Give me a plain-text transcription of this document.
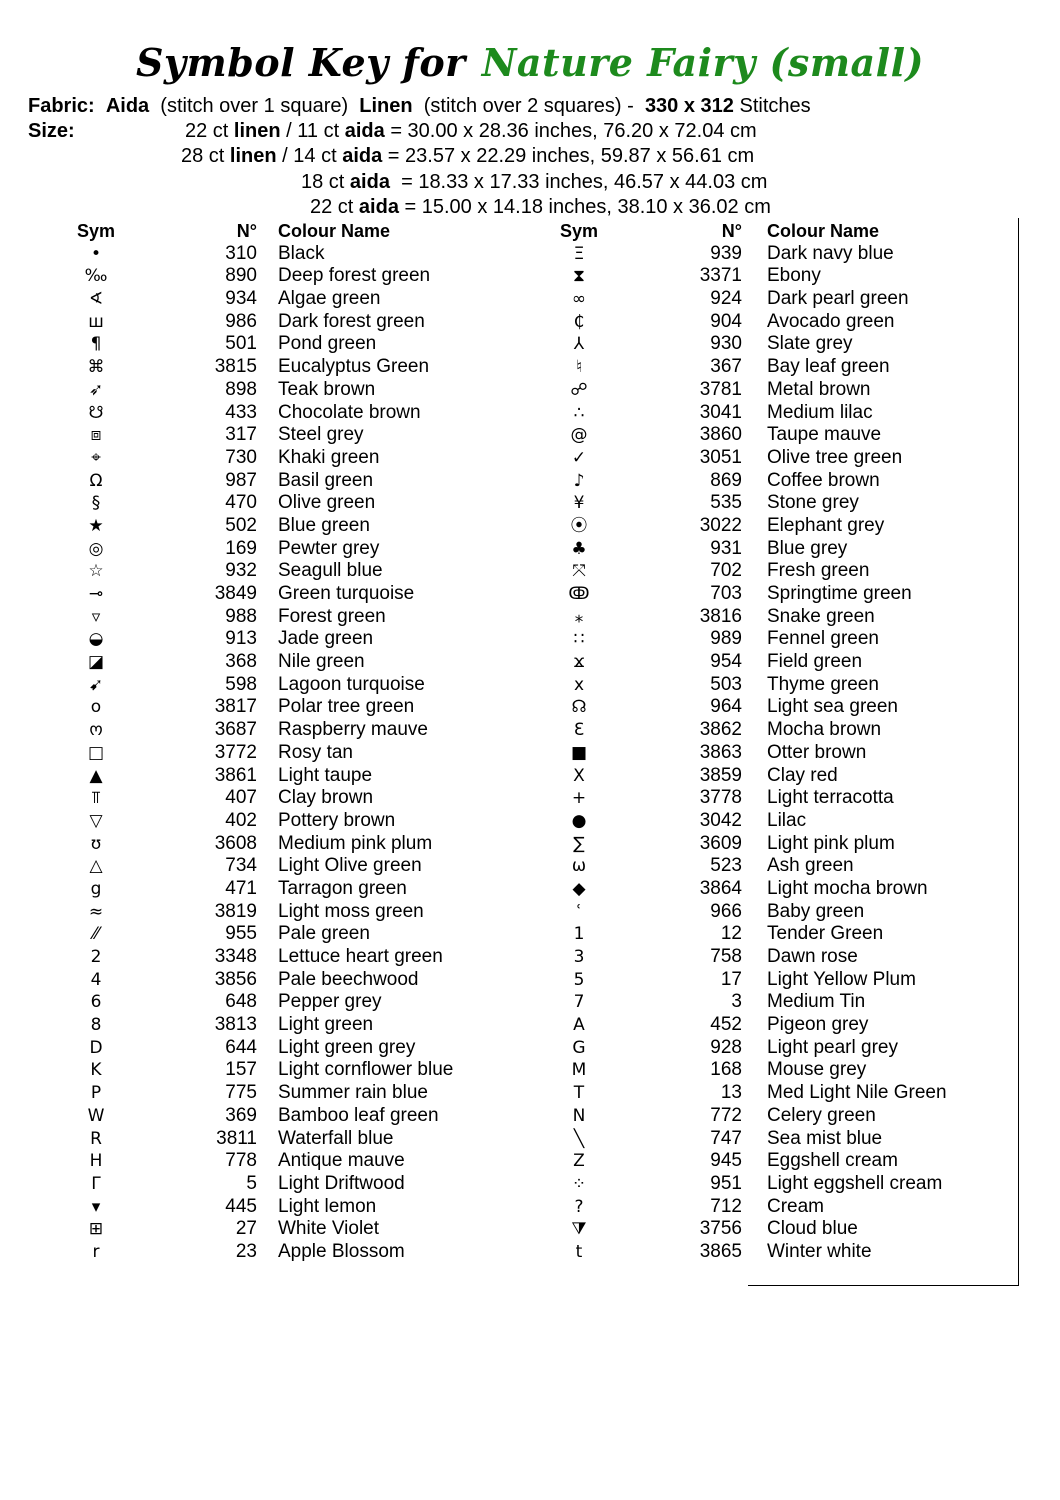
Symbol Key for Nature Fairy (small)
Fabric: Aida (stitch over 1 square) Linen (stitch over 2 squares) - 330 x 312 Stitches
Size:	22 ct linen / 11 ct aida = 30.00 x 28.36 inches, 76.20 x 72.04 cm
28 ct linen / 14 ct aida = 23.57 x 22.29 inches, 59.87 x 56.61 cm
18 ct aida = 18.33 x 17.33 inches, 46.57 x 44.03 cm
22 ct aida = 15.00 x 14.18 inches, 38.10 x 36.02 cm
Sym	N° Colour Name
•	310 Black
‰	890 Deep forest green
∢	934 Algae green
ш	986 Dark forest green
¶	501 Pond green
⌘	3815 Eucalyptus Green
➶	898 Teak brown
☋	433 Chocolate brown
⧈	317 Steel grey
⌖	730 Khaki green
Ω	987 Basil green
§	470 Olive green
★	502 Blue green
◎	169 Pewter grey
☆	932 Seagull blue
⊸	3849 Green turquoise
▿	988 Forest green
◒	913 Jade green
◪	368 Nile green
➹	598 Lagoon turquoise
o	3817 Polar tree green
ო	3687 Raspberry mauve
□	3772 Rosy tan
▲	3861 Light taupe
⫪	407 Clay brown
▽	402 Pottery brown
ʊ	3608 Medium pink plum
△	734 Light Olive green
g	471 Tarragon green
≈	3819 Light moss green
⁄⁄	955 Pale green
2	3348 Lettuce heart green
4	3856 Pale beechwood
6	648 Pepper grey
8	3813 Light green
D	644 Light green grey
K	157 Light cornflower blue
P	775 Summer rain blue
W	369 Bamboo leaf green
R	3811 Waterfall blue
H	778 Antique mauve
Γ	5 Light Driftwood
▾	445 Light lemon
⊞	27 White Violet
r	23 Apple Blossom
Sym	N° Colour Name
Ξ	939 Dark navy blue
⧗	3371 Ebony
∞	924 Dark pearl green
₵	904 Avocado green
⅄	930 Slate grey
♮	367 Bay leaf green
☍	3781 Metal brown
∴	3041 Medium lilac
@	3860 Taupe mauve
✓	3051 Olive tree green
♪	869 Coffee brown
¥	535 Stone grey
⦿	3022 Elephant grey
♣	931 Blue grey
⤧	702 Fresh green
ↂ	703 Springtime green
⁎	3816 Snake green
∷	989 Fennel green
ϫ	954 Field green
x	503 Thyme green
☊	964 Light sea green
Ɛ	3862 Mocha brown
■	3863 Otter brown
Ⅹ	3859 Clay red
+	3778 Light terracotta
●	3042 Lilac
∑	3609 Light pink plum
ω	523 Ash green
◆	3864 Light mocha brown
ʿ	966 Baby green
1	12 Tender Green
3	758 Dawn rose
5	17 Light Yellow Plum
7	3 Medium Tin
A	452 Pigeon grey
G	928 Light pearl grey
M	168 Mouse grey
T	13 Med Light Nile Green
N	772 Celery green
╲	747 Sea mist blue
Z	945 Eggshell cream
⁘	951 Light eggshell cream
?	712 Cream
⧩	3756 Cloud blue
t	3865 Winter white
